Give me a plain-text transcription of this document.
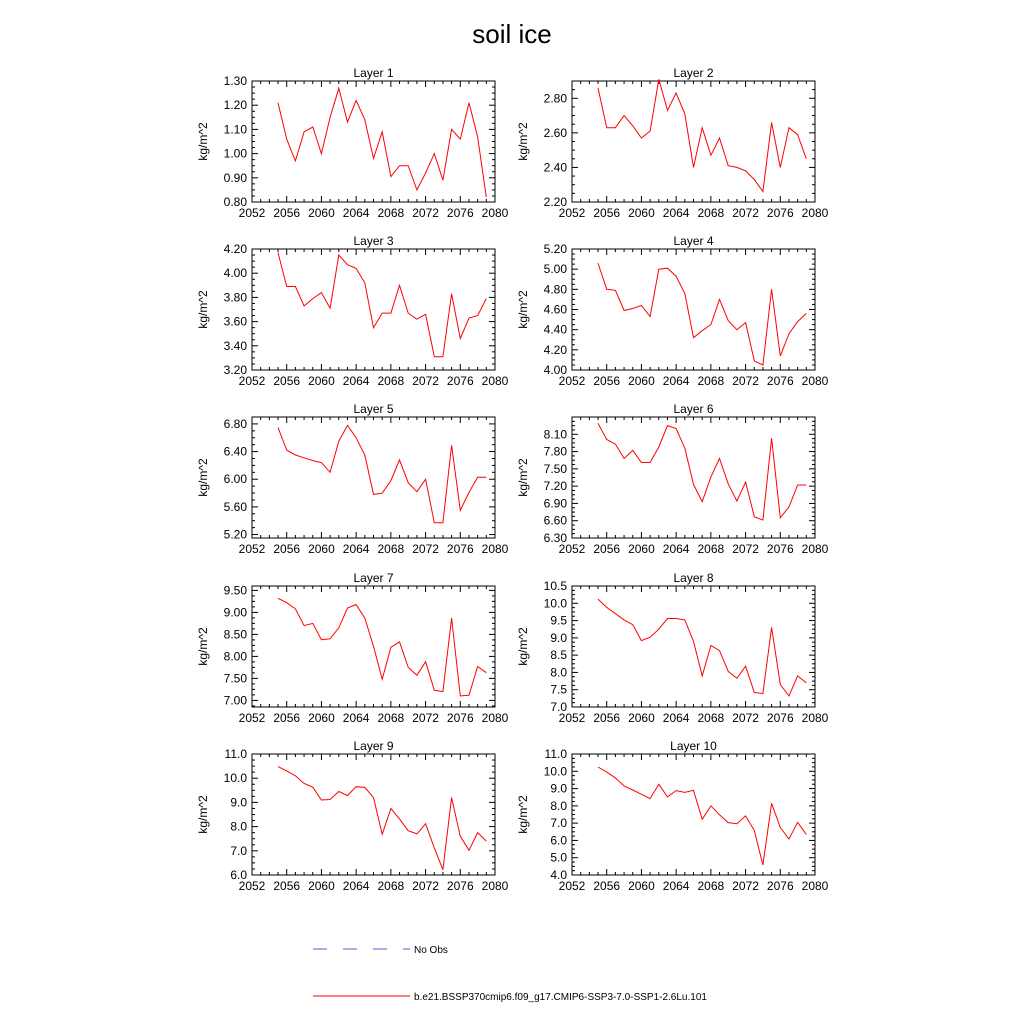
soil ice
Layer 1
kg/m^2
2052 2056 2060 2064 2068 2072 2076 2080
0.80
0.90
1.00
1.10
1.20
1.30
Layer 2
kg/m^2
2052 2056 2060 2064 2068 2072 2076 2080
2.20
2.40
2.60
2.80
Layer 3
kg/m^2
2052 2056 2060 2064 2068 2072 2076 2080
3.20
3.40
3.60
3.80
4.00
4.20
Layer 4
kg/m^2
2052 2056 2060 2064 2068 2072 2076 2080
4.00
4.20
4.40
4.60
4.80
5.00
5.20
Layer 5
kg/m^2
2052 2056 2060 2064 2068 2072 2076 2080
5.20
5.60
6.00
6.40
6.80
Layer 6
kg/m^2
2052 2056 2060 2064 2068 2072 2076 2080
6.30
6.60
6.90
7.20
7.50
7.80
8.10
Layer 7
kg/m^2
2052 2056 2060 2064 2068 2072 2076 2080
7.00
7.50
8.00
8.50
9.00
9.50
Layer 8
kg/m^2
2052 2056 2060 2064 2068 2072 2076 2080
7.0
7.5
8.0
8.5
9.0
9.5
10.0
10.5
Layer 9
kg/m^2
2052 2056 2060 2064 2068 2072 2076 2080
6.0
7.0
8.0
9.0
10.0
11.0
Layer 10
kg/m^2
2052 2056 2060 2064 2068 2072 2076 2080
4.0
5.0
6.0
7.0
8.0
9.0
10.0
11.0
No Obs
b.e21.BSSP370cmip6.f09_g17.CMIP6-SSP3-7.0-SSP1-2.6Lu.101
